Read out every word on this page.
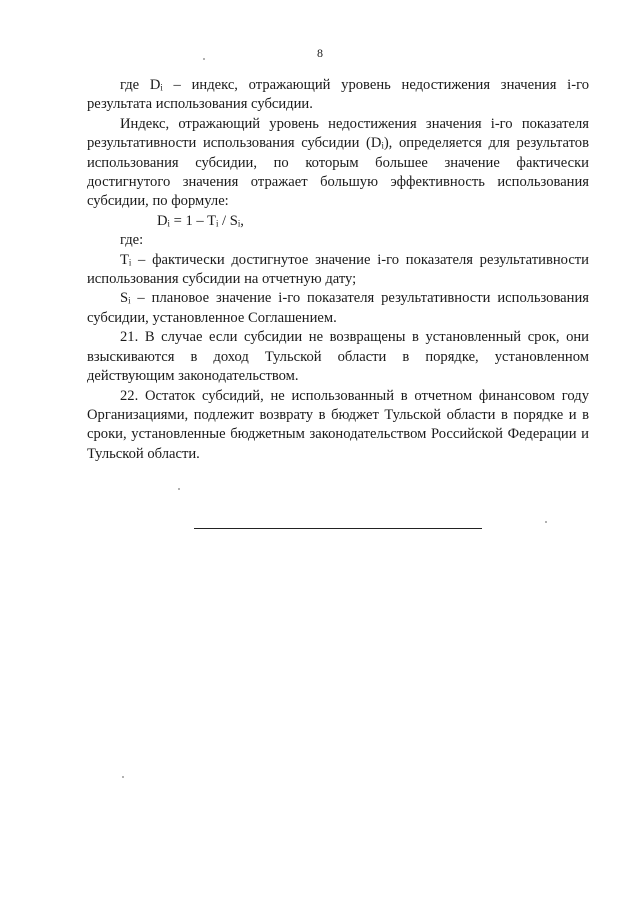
8

где Dᵢ – индекс, отражающий уровень недостижения значения i-го результата использования субсидии.

Индекс, отражающий уровень недостижения значения i-го показателя результативности использования субсидии (Dᵢ), определяется для результатов использования субсидии, по которым большее значение фактически достигнутого значения отражает большую эффективность использования субсидии, по формуле:

Dᵢ = 1 – Tᵢ / Sᵢ,

где:

Tᵢ – фактически достигнутое значение i-го показателя результативности использования субсидии на отчетную дату;

Sᵢ – плановое значение i-го показателя результативности использования субсидии, установленное Соглашением.

21. В случае если субсидии не возвращены в установленный срок, они взыскиваются в доход Тульской области в порядке, установленном действующим законодательством.

22. Остаток субсидий, не использованный в отчетном финансовом году Организациями, подлежит возврату в бюджет Тульской области в порядке и в сроки, установленные бюджетным законодательством Российской Федерации и Тульской области.
